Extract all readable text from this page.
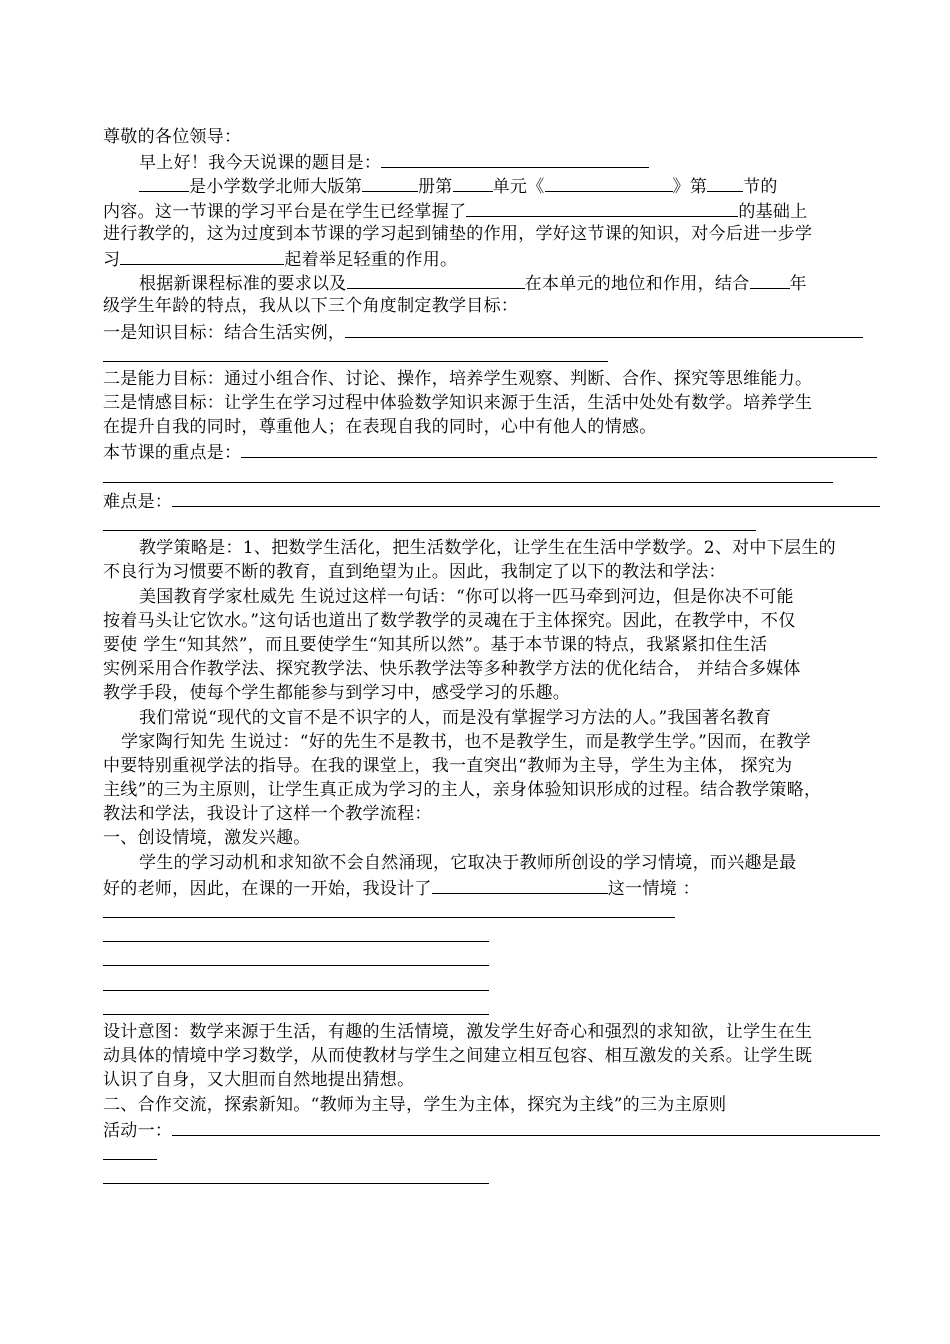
尊敬的各位领导：
早上好！我今天说课的题目是：
是小学数学北师大版第	册第 单元《	》第 节的
内容。这一节课的学习平台是在学生已经掌握了	的基础上
进行教学的，这为过度到本节课的学习起到铺垫的作用，学好这节课的知识，对今后进一步学
习	起着举足轻重的作用。
根据新课程标准的要求以及	在本单元的地位和作用，结合 年
级学生年龄的特点，我从以下三个角度制定教学目标：
一是知识目标：结合生活实例，
二是能力目标：通过小组合作、讨论、操作，培养学生观察、判断、合作、探究等思维能力。
三是情感目标：让学生在学习过程中体验数学知识来源于生活，生活中处处有数学。培养学生
在提升自我的同时，尊重他人；在表现自我的同时，心中有他人的情感。
本节课的重点是：
难点是：
教学策略是：1、把数学生活化，把生活数学化，让学生在生活中学数学。2、对中下层生的
不良行为习惯要不断的教育，直到绝望为止。因此，我制定了以下的教法和学法：
美国教育学家杜威先 生说过这样一句话：“你可以将一匹马牵到河边，但是你决不可能
按着马头让它饮水。”这句话也道出了数学教学的灵魂在于主体探究。因此，在教学中，不仅
要使 学生“知其然”，而且要使学生“知其所以然”。基于本节课的特点，我紧紧扣住生活
实例采用合作教学法、探究教学法、快乐教学法等多种教学方法的优化结合， 并结合多媒体
教学手段，使每个学生都能参与到学习中，感受学习的乐趣。
我们常说“现代的文盲不是不识字的人，而是没有掌握学习方法的人。”我国著名教育
学家陶行知先 生说过：“好的先生不是教书，也不是教学生，而是教学生学。”因而，在教学
中要特别重视学法的指导。在我的课堂上，我一直突出“教师为主导，学生为主体， 探究为
主线”的三为主原则，让学生真正成为学习的主人，亲身体验知识形成的过程。结合教学策略，
教法和学法，我设计了这样一个教学流程：
一、创设情境，激发兴趣。
学生的学习动机和求知欲不会自然涌现，它取决于教师所创设的学习情境，而兴趣是最
好的老师，因此，在课的一开始，我设计了	这一情境 ：
设计意图：数学来源于生活，有趣的生活情境，激发学生好奇心和强烈的求知欲，让学生在生
动具体的情境中学习数学，从而使教材与学生之间建立相互包容、相互激发的关系。让学生既
认识了自身，又大胆而自然地提出猜想。
二、合作交流，探索新知。“教师为主导，学生为主体，探究为主线”的三为主原则
活动一：
